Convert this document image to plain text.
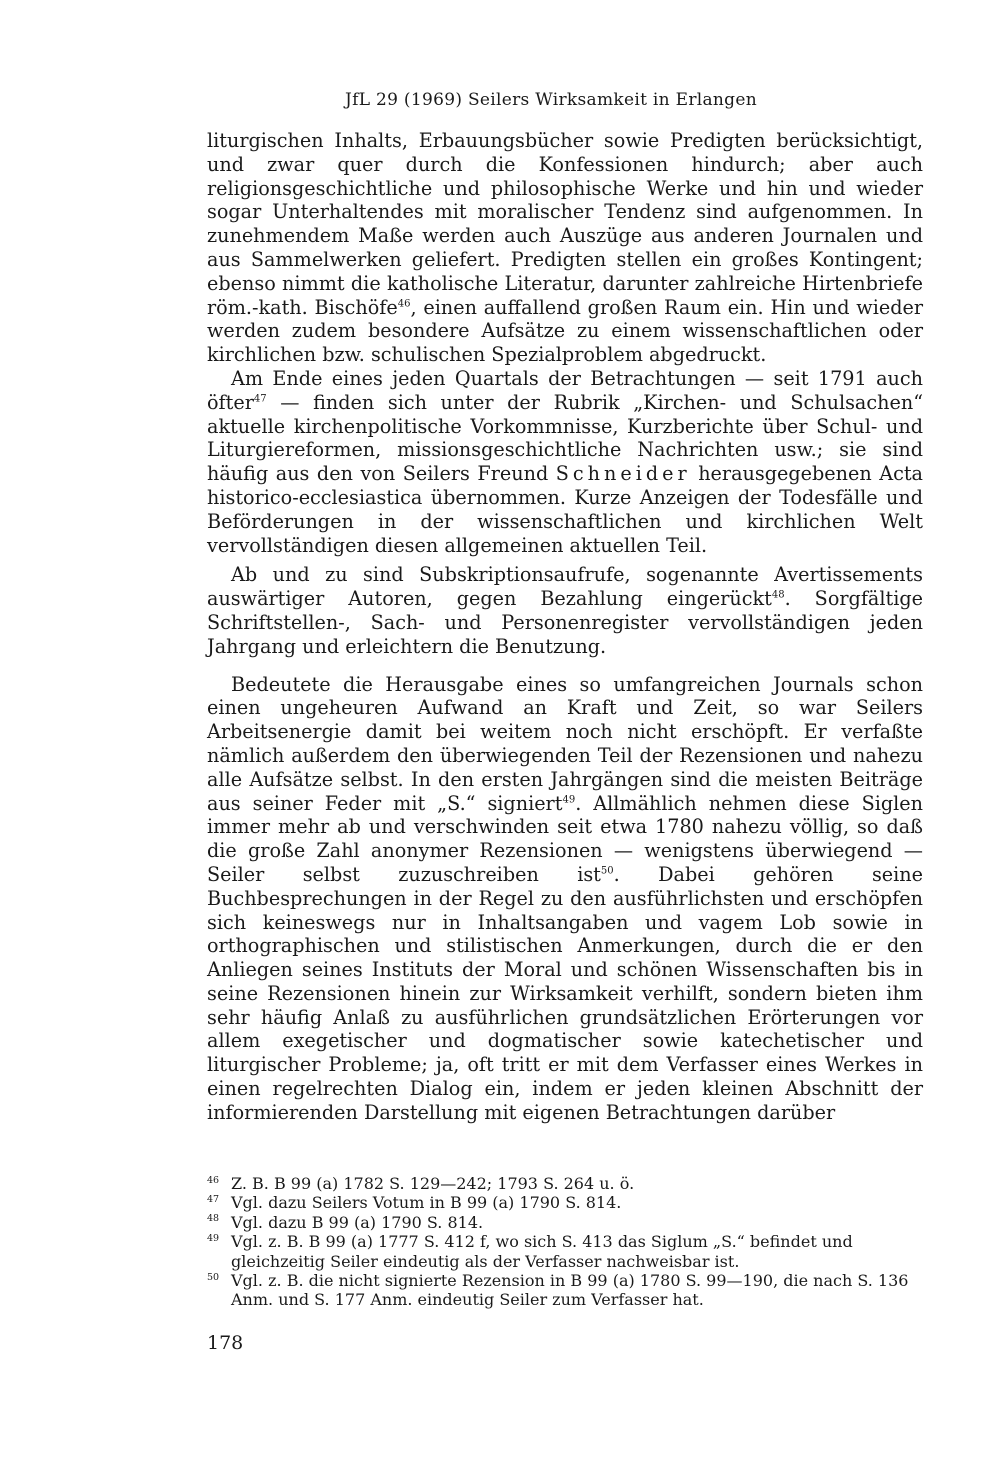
JfL 29 (1969) Seilers Wirksamkeit in Erlangen

liturgischen Inhalts, Erbauungsbücher sowie Predigten berücksichtigt, und zwar quer durch die Konfessionen hindurch; aber auch religionsgeschichtliche und philosophische Werke und hin und wieder sogar Unterhaltendes mit moralischer Tendenz sind aufgenommen. In zunehmendem Maße werden auch Auszüge aus anderen Journalen und aus Sammelwerken geliefert. Predigten stellen ein großes Kontingent; ebenso nimmt die katholische Literatur, darunter zahlreiche Hirtenbriefe röm.-kath. Bischöfe$^{46}$, einen auffallend großen Raum ein. Hin und wieder werden zudem besondere Aufsätze zu einem wissenschaftlichen oder kirchlichen bzw. schulischen Spezialproblem abgedruckt.

Am Ende eines jeden Quartals der Betrachtungen — seit 1791 auch öfter$^{47}$ — finden sich unter der Rubrik „Kirchen- und Schulsachen“ aktuelle kirchenpolitische Vorkommnisse, Kurzberichte über Schul- und Liturgiereformen, missionsgeschichtliche Nachrichten usw.; sie sind häufig aus den von Seilers Freund Schneider herausgegebenen Acta historico-ecclesiastica übernommen. Kurze Anzeigen der Todesfälle und Beförderungen in der wissenschaftlichen und kirchlichen Welt vervollständigen diesen allgemeinen aktuellen Teil.

Ab und zu sind Subskriptionsaufrufe, sogenannte Avertissements auswärtiger Autoren, gegen Bezahlung eingerückt$^{48}$. Sorgfältige Schriftstellen-, Sach- und Personenregister vervollständigen jeden Jahrgang und erleichtern die Benutzung.

Bedeutete die Herausgabe eines so umfangreichen Journals schon einen ungeheuren Aufwand an Kraft und Zeit, so war Seilers Arbeitsenergie damit bei weitem noch nicht erschöpft. Er verfaßte nämlich außerdem den überwiegenden Teil der Rezensionen und nahezu alle Aufsätze selbst. In den ersten Jahrgängen sind die meisten Beiträge aus seiner Feder mit „S.“ signiert$^{49}$. Allmählich nehmen diese Siglen immer mehr ab und verschwinden seit etwa 1780 nahezu völlig, so daß die große Zahl anonymer Rezensionen — wenigstens überwiegend — Seiler selbst zuzuschreiben ist$^{50}$. Dabei gehören seine Buchbesprechungen in der Regel zu den ausführlichsten und erschöpfen sich keineswegs nur in Inhaltsangaben und vagem Lob sowie in orthographischen und stilistischen Anmerkungen, durch die er den Anliegen seines Instituts der Moral und schönen Wissenschaften bis in seine Rezensionen hinein zur Wirksamkeit verhilft, sondern bieten ihm sehr häufig Anlaß zu ausführlichen grundsätzlichen Erörterungen vor allem exegetischer und dogmatischer sowie katechetischer und liturgischer Probleme; ja, oft tritt er mit dem Verfasser eines Werkes in einen regelrechten Dialog ein, indem er jeden kleinen Abschnitt der informierenden Darstellung mit eigenen Betrachtungen darüber

46 Z. B. B 99 (a) 1782 S. 129—242; 1793 S. 264 u. ö.
47 Vgl. dazu Seilers Votum in B 99 (a) 1790 S. 814.
48 Vgl. dazu B 99 (a) 1790 S. 814.
49 Vgl. z. B. B 99 (a) 1777 S. 412 f, wo sich S. 413 das Siglum „S.“ befindet und gleichzeitig Seiler eindeutig als der Verfasser nachweisbar ist.
50 Vgl. z. B. die nicht signierte Rezension in B 99 (a) 1780 S. 99—190, die nach S. 136 Anm. und S. 177 Anm. eindeutig Seiler zum Verfasser hat.
178
